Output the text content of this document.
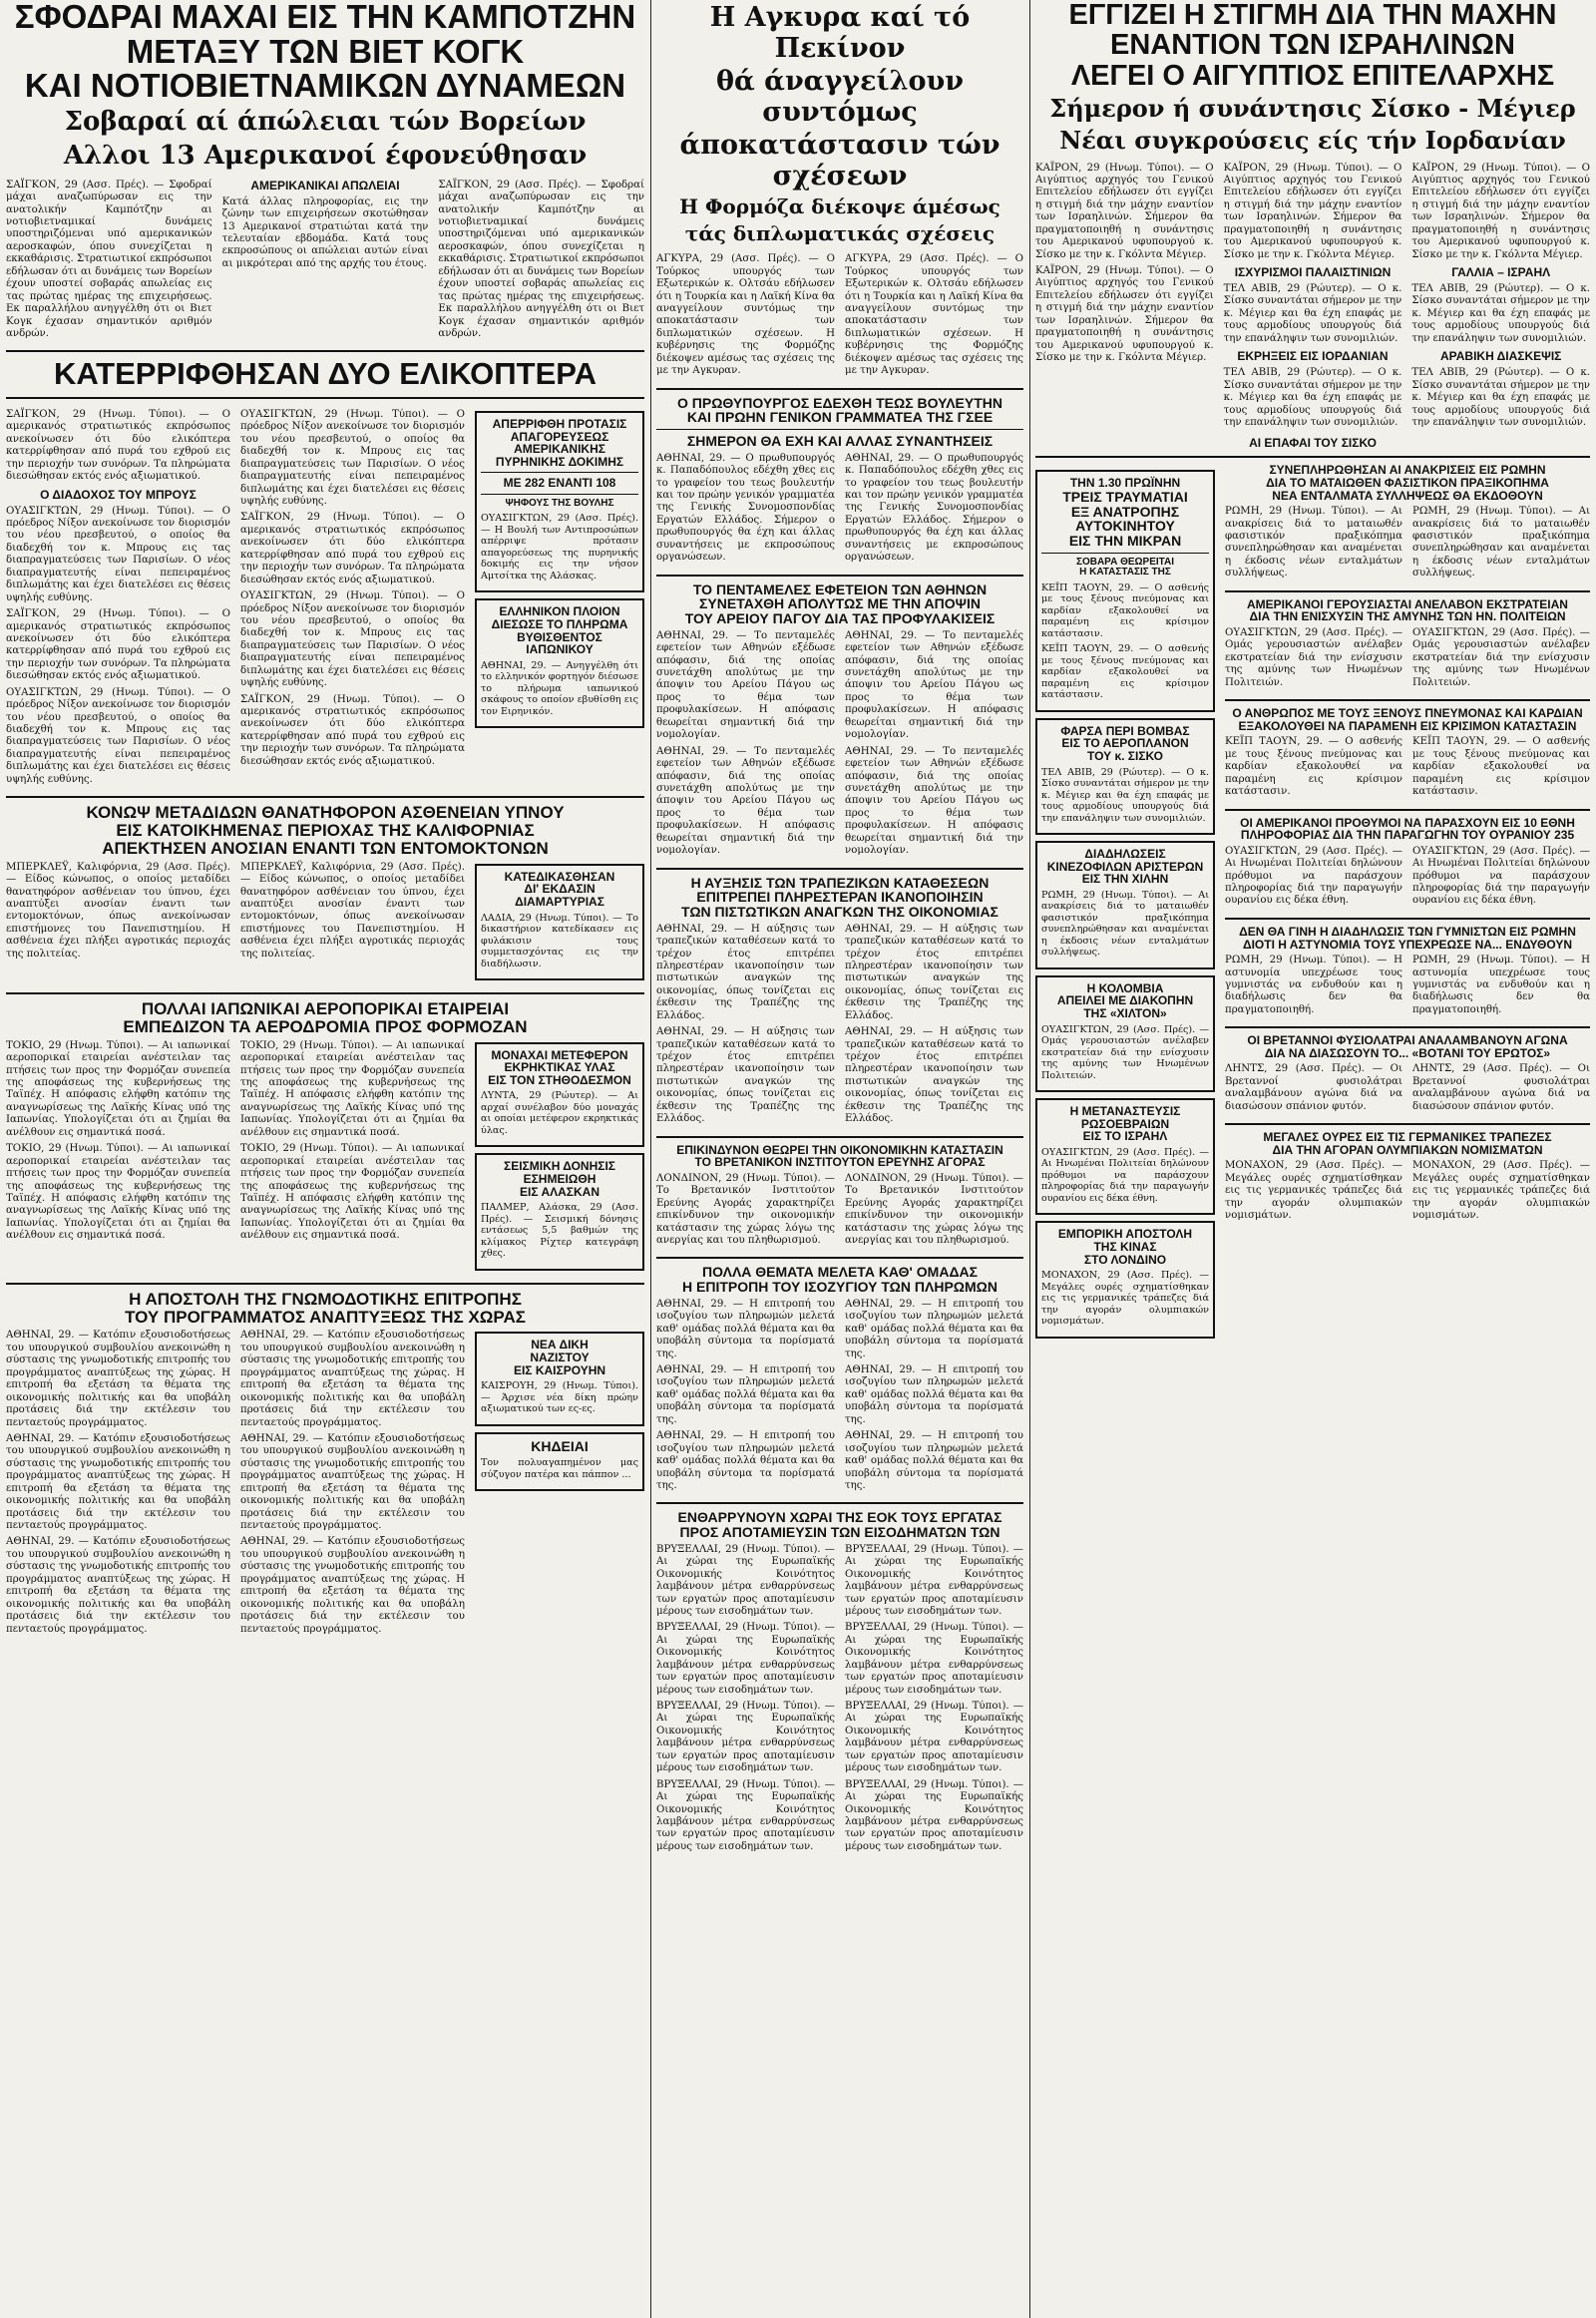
ΣΦΟΔΡΑΙ ΜΑΧΑΙ ΕΙΣ ΤΗΝ ΚΑΜΠΟΤΖΗΝ
ΜΕΤΑΞΥ ΤΩΝ ΒΙΕΤ ΚΟΓΚ
ΚΑΙ ΝΟΤΙΟΒΙΕΤΝΑΜΙΚΩΝ ΔΥΝΑΜΕΩΝ
Σοβαραί αί άπώλειαι τών Βορείων
Αλλοι 13 Αμερικανοί έφονεύθησαν
ΣΑΪΓΚΟΝ, 29 (Ασσ. Πρές). — Σφοδραί μάχαι αναζωπύρωσαν εις την ανατολικήν Καμπότζην αι νοτιοβιετναμικαί δυνάμεις υποστηριζόμεναι υπό αμερικανικών αεροσκαφών, όπου συνεχίζεται η εκκαθάρισις. Στρατιωτικοί εκπρόσωποι εδήλωσαν ότι αι δυνάμεις των Βορείων έχουν υποστεί σοβαράς απωλείας εις τας πρώτας ημέρας της επιχειρήσεως. Εκ παραλλήλου ανηγγέλθη ότι οι Βιετ Κογκ έχασαν σημαντικόν αριθμόν ανδρών.
ΑΜΕΡΙΚΑΝΙΚΑΙ ΑΠΩΛΕΙΑΙ
Κατά άλλας πληροφορίας, εις την ζώνην των επιχειρήσεων σκοτώθησαν 13 Αμερικανοί στρατιώται κατά την τελευταίαν εβδομάδα. Κατά τους εκπροσώπους οι απώλειαι αυτών είναι αι μικρότεραι από της αρχής του έτους.
ΣΑΪΓΚΟΝ, 29 (Ασσ. Πρές). — Σφοδραί μάχαι αναζωπύρωσαν εις την ανατολικήν Καμπότζην αι νοτιοβιετναμικαί δυνάμεις υποστηριζόμεναι υπό αμερικανικών αεροσκαφών, όπου συνεχίζεται η εκκαθάρισις. Στρατιωτικοί εκπρόσωποι εδήλωσαν ότι αι δυνάμεις των Βορείων έχουν υποστεί σοβαράς απωλείας εις τας πρώτας ημέρας της επιχειρήσεως. Εκ παραλλήλου ανηγγέλθη ότι οι Βιετ Κογκ έχασαν σημαντικόν αριθμόν ανδρών.
ΚΑΤΕΡΡΙΦΘΗΣΑΝ ΔΥΟ ΕΛΙΚΟΠΤΕΡΑ
ΣΑΪΓΚΟΝ, 29 (Ηνωμ. Τύποι). — Ο αμερικανός στρατιωτικός εκπρόσωπος ανεκοίνωσεν ότι δύο ελικόπτερα κατερρίφθησαν από πυρά του εχθρού εις την περιοχήν των συνόρων. Τα πληρώματα διεσώθησαν εκτός ενός αξιωματικού.
Ο ΔΙΑΔΟΧΟΣ ΤΟΥ ΜΠΡΟΥΣ
ΟΥΑΣΙΓΚΤΩΝ, 29 (Ηνωμ. Τύποι). — Ο πρόεδρος Νίξον ανεκοίνωσε τον διορισμόν του νέου πρεσβευτού, ο οποίος θα διαδεχθή τον κ. Μπρους εις τας διαπραγματεύσεις των Παρισίων. Ο νέος διαπραγματευτής είναι πεπειραμένος διπλωμάτης και έχει διατελέσει εις θέσεις υψηλής ευθύνης.
ΣΑΪΓΚΟΝ, 29 (Ηνωμ. Τύποι). — Ο αμερικανός στρατιωτικός εκπρόσωπος ανεκοίνωσεν ότι δύο ελικόπτερα κατερρίφθησαν από πυρά του εχθρού εις την περιοχήν των συνόρων. Τα πληρώματα διεσώθησαν εκτός ενός αξιωματικού.
ΟΥΑΣΙΓΚΤΩΝ, 29 (Ηνωμ. Τύποι). — Ο πρόεδρος Νίξον ανεκοίνωσε τον διορισμόν του νέου πρεσβευτού, ο οποίος θα διαδεχθή τον κ. Μπρους εις τας διαπραγματεύσεις των Παρισίων. Ο νέος διαπραγματευτής είναι πεπειραμένος διπλωμάτης και έχει διατελέσει εις θέσεις υψηλής ευθύνης.
ΟΥΑΣΙΓΚΤΩΝ, 29 (Ηνωμ. Τύποι). — Ο πρόεδρος Νίξον ανεκοίνωσε τον διορισμόν του νέου πρεσβευτού, ο οποίος θα διαδεχθή τον κ. Μπρους εις τας διαπραγματεύσεις των Παρισίων. Ο νέος διαπραγματευτής είναι πεπειραμένος διπλωμάτης και έχει διατελέσει εις θέσεις υψηλής ευθύνης.
ΣΑΪΓΚΟΝ, 29 (Ηνωμ. Τύποι). — Ο αμερικανός στρατιωτικός εκπρόσωπος ανεκοίνωσεν ότι δύο ελικόπτερα κατερρίφθησαν από πυρά του εχθρού εις την περιοχήν των συνόρων. Τα πληρώματα διεσώθησαν εκτός ενός αξιωματικού.
ΟΥΑΣΙΓΚΤΩΝ, 29 (Ηνωμ. Τύποι). — Ο πρόεδρος Νίξον ανεκοίνωσε τον διορισμόν του νέου πρεσβευτού, ο οποίος θα διαδεχθή τον κ. Μπρους εις τας διαπραγματεύσεις των Παρισίων. Ο νέος διαπραγματευτής είναι πεπειραμένος διπλωμάτης και έχει διατελέσει εις θέσεις υψηλής ευθύνης.
ΣΑΪΓΚΟΝ, 29 (Ηνωμ. Τύποι). — Ο αμερικανός στρατιωτικός εκπρόσωπος ανεκοίνωσεν ότι δύο ελικόπτερα κατερρίφθησαν από πυρά του εχθρού εις την περιοχήν των συνόρων. Τα πληρώματα διεσώθησαν εκτός ενός αξιωματικού.
ΑΠΕΡΡΙΦΘΗ ΠΡΟΤΑΣΙΣ
ΑΠΑΓΟΡΕΥΣΕΩΣ
ΑΜΕΡΙΚΑΝΙΚΗΣ
ΠΥΡΗΝΙΚΗΣ ΔΟΚΙΜΗΣ
ΜΕ 282 ΕΝΑΝΤΙ 108
ΨΗΦΟΥΣ ΤΗΣ ΒΟΥΛΗΣ
ΟΥΑΣΙΓΚΤΩΝ, 29 (Ασσ. Πρές). — Η Βουλή των Αντιπροσώπων απέρριψε πρότασιν απαγορεύσεως της πυρηνικής δοκιμής εις την νήσον Αμτσίτκα της Αλάσκας.
ΕΛΛΗΝΙΚΟΝ ΠΛΟΙΟΝ
ΔΙΕΣΩΣΕ ΤΟ ΠΛΗΡΩΜΑ
ΒΥΘΙΣΘΕΝΤΟΣ
ΙΑΠΩΝΙΚΟΥ
ΑΘΗΝΑΙ, 29. — Ανηγγέλθη ότι το ελληνικόν φορτηγόν διέσωσε το πλήρωμα ιαπωνικού σκάφους το οποίον εβυθίσθη εις τον Ειρηνικόν.
ΚΟΝΩΨ ΜΕΤΑΔΙΔΩΝ ΘΑΝΑΤΗΦΟΡΟΝ ΑΣΘΕΝΕΙΑΝ ΥΠΝΟΥ
ΕΙΣ ΚΑΤΟΙΚΗΜΕΝΑΣ ΠΕΡΙΟΧΑΣ ΤΗΣ ΚΑΛΙΦΟΡΝΙΑΣ
ΑΠΕΚΤΗΣΕΝ ΑΝΟΣΙΑΝ ΕΝΑΝΤΙ ΤΩΝ ΕΝΤΟΜΟΚΤΟΝΩΝ
ΜΠΕΡΚΛΕΫ, Καλιφόρνια, 29 (Ασσ. Πρές). — Είδος κώνωπος, ο οποίος μεταδίδει θανατηφόρον ασθένειαν του ύπνου, έχει αναπτύξει ανοσίαν έναντι των εντομοκτόνων, όπως ανεκοίνωσαν επιστήμονες του Πανεπιστημίου. Η ασθένεια έχει πλήξει αγροτικάς περιοχάς της πολιτείας.
ΜΠΕΡΚΛΕΫ, Καλιφόρνια, 29 (Ασσ. Πρές). — Είδος κώνωπος, ο οποίος μεταδίδει θανατηφόρον ασθένειαν του ύπνου, έχει αναπτύξει ανοσίαν έναντι των εντομοκτόνων, όπως ανεκοίνωσαν επιστήμονες του Πανεπιστημίου. Η ασθένεια έχει πλήξει αγροτικάς περιοχάς της πολιτείας.
ΚΑΤΕΔΙΚΑΣΘΗΣΑΝ
ΔΙ' ΕΚΔΑΣΙΝ
ΔΙΑΜΑΡΤΥΡΙΑΣ
ΛΑΔΙΑ, 29 (Ηνωμ. Τύποι). — Το δικαστήριον κατεδίκασεν εις φυλάκισιν τους συμμετασχόντας εις την διαδήλωσιν.
ΠΟΛΛΑΙ ΙΑΠΩΝΙΚΑΙ ΑΕΡΟΠΟΡΙΚΑΙ ΕΤΑΙΡΕΙΑΙ
ΕΜΠΕΔΙΖΟΝ ΤΑ ΑΕΡΟΔΡΟΜΙΑ ΠΡΟΣ ΦΟΡΜΟΖΑΝ
ΤΟΚΙΟ, 29 (Ηνωμ. Τύποι). — Αι ιαπωνικαί αεροπορικαί εταιρείαι ανέστειλαν τας πτήσεις των προς την Φορμόζαν συνεπεία της αποφάσεως της κυβερνήσεως της Ταϊπέχ. Η απόφασις ελήφθη κατόπιν της αναγνωρίσεως της Λαϊκής Κίνας υπό της Ιαπωνίας. Υπολογίζεται ότι αι ζημίαι θα ανέλθουν εις σημαντικά ποσά.
ΤΟΚΙΟ, 29 (Ηνωμ. Τύποι). — Αι ιαπωνικαί αεροπορικαί εταιρείαι ανέστειλαν τας πτήσεις των προς την Φορμόζαν συνεπεία της αποφάσεως της κυβερνήσεως της Ταϊπέχ. Η απόφασις ελήφθη κατόπιν της αναγνωρίσεως της Λαϊκής Κίνας υπό της Ιαπωνίας. Υπολογίζεται ότι αι ζημίαι θα ανέλθουν εις σημαντικά ποσά.
ΤΟΚΙΟ, 29 (Ηνωμ. Τύποι). — Αι ιαπωνικαί αεροπορικαί εταιρείαι ανέστειλαν τας πτήσεις των προς την Φορμόζαν συνεπεία της αποφάσεως της κυβερνήσεως της Ταϊπέχ. Η απόφασις ελήφθη κατόπιν της αναγνωρίσεως της Λαϊκής Κίνας υπό της Ιαπωνίας. Υπολογίζεται ότι αι ζημίαι θα ανέλθουν εις σημαντικά ποσά.
ΤΟΚΙΟ, 29 (Ηνωμ. Τύποι). — Αι ιαπωνικαί αεροπορικαί εταιρείαι ανέστειλαν τας πτήσεις των προς την Φορμόζαν συνεπεία της αποφάσεως της κυβερνήσεως της Ταϊπέχ. Η απόφασις ελήφθη κατόπιν της αναγνωρίσεως της Λαϊκής Κίνας υπό της Ιαπωνίας. Υπολογίζεται ότι αι ζημίαι θα ανέλθουν εις σημαντικά ποσά.
ΜΟΝΑΧΑΙ ΜΕΤΕΦΕΡΟΝ
ΕΚΡΗΚΤΙΚΑΣ ΥΛΑΣ
ΕΙΣ ΤΟΝ ΣΤΗΘΟΔΕΣΜΟΝ
ΛΥΝΤΑ, 29 (Ρώυτερ). — Αι αρχαί συνέλαβον δύο μοναχάς αι οποίαι μετέφερον εκρηκτικάς ύλας.
ΣΕΙΣΜΙΚΗ ΔΟΝΗΣΙΣ
ΕΣΗΜΕΙΩΘΗ
ΕΙΣ ΑΛΑΣΚΑΝ
ΠΑΛΜΕΡ, Αλάσκα, 29 (Ασσ. Πρές). — Σεισμική δόνησις εντάσεως 5,5 βαθμών της κλίμακος Ρίχτερ κατεγράφη χθες.
Η ΑΠΟΣΤΟΛΗ ΤΗΣ ΓΝΩΜΟΔΟΤΙΚΗΣ ΕΠΙΤΡΟΠΗΣ
ΤΟΥ ΠΡΟΓΡΑΜΜΑΤΟΣ ΑΝΑΠΤΥΞΕΩΣ ΤΗΣ ΧΩΡΑΣ
ΑΘΗΝΑΙ, 29. — Κατόπιν εξουσιοδοτήσεως του υπουργικού συμβουλίου ανεκοινώθη η σύστασις της γνωμοδοτικής επιτροπής του προγράμματος αναπτύξεως της χώρας. Η επιτροπή θα εξετάση τα θέματα της οικονομικής πολιτικής και θα υποβάλη προτάσεις διά την εκτέλεσιν του πενταετούς προγράμματος.
ΑΘΗΝΑΙ, 29. — Κατόπιν εξουσιοδοτήσεως του υπουργικού συμβουλίου ανεκοινώθη η σύστασις της γνωμοδοτικής επιτροπής του προγράμματος αναπτύξεως της χώρας. Η επιτροπή θα εξετάση τα θέματα της οικονομικής πολιτικής και θα υποβάλη προτάσεις διά την εκτέλεσιν του πενταετούς προγράμματος.
ΑΘΗΝΑΙ, 29. — Κατόπιν εξουσιοδοτήσεως του υπουργικού συμβουλίου ανεκοινώθη η σύστασις της γνωμοδοτικής επιτροπής του προγράμματος αναπτύξεως της χώρας. Η επιτροπή θα εξετάση τα θέματα της οικονομικής πολιτικής και θα υποβάλη προτάσεις διά την εκτέλεσιν του πενταετούς προγράμματος.
ΑΘΗΝΑΙ, 29. — Κατόπιν εξουσιοδοτήσεως του υπουργικού συμβουλίου ανεκοινώθη η σύστασις της γνωμοδοτικής επιτροπής του προγράμματος αναπτύξεως της χώρας. Η επιτροπή θα εξετάση τα θέματα της οικονομικής πολιτικής και θα υποβάλη προτάσεις διά την εκτέλεσιν του πενταετούς προγράμματος.
ΑΘΗΝΑΙ, 29. — Κατόπιν εξουσιοδοτήσεως του υπουργικού συμβουλίου ανεκοινώθη η σύστασις της γνωμοδοτικής επιτροπής του προγράμματος αναπτύξεως της χώρας. Η επιτροπή θα εξετάση τα θέματα της οικονομικής πολιτικής και θα υποβάλη προτάσεις διά την εκτέλεσιν του πενταετούς προγράμματος.
ΑΘΗΝΑΙ, 29. — Κατόπιν εξουσιοδοτήσεως του υπουργικού συμβουλίου ανεκοινώθη η σύστασις της γνωμοδοτικής επιτροπής του προγράμματος αναπτύξεως της χώρας. Η επιτροπή θα εξετάση τα θέματα της οικονομικής πολιτικής και θα υποβάλη προτάσεις διά την εκτέλεσιν του πενταετούς προγράμματος.
ΝΕΑ ΔΙΚΗ
ΝΑΖΙΣΤΟΥ
ΕΙΣ ΚΑΙΣΡΟΥΗΝ
ΚΑΙΣΡΟΥΗ, 29 (Ηνωμ. Τύποι). — Άρχισε νέα δίκη πρώην αξιωματικού των ες-ες.
ΚΗΔΕΙΑΙ
Τον πολυαγαπημένον μας σύζυγον πατέρα και πάππον ...
Η Αγκυρα καί τό Πεκίνον
θά άναγγείλουν συντόμως
άποκατάστασιν τών σχέσεων
Η Φορμόζα διέκοψε άμέσως
τάς διπλωματικάς σχέσεις
ΑΓΚΥΡΑ, 29 (Ασσ. Πρές). — Ο Τούρκος υπουργός των Εξωτερικών κ. Ολτσάυ εδήλωσεν ότι η Τουρκία και η Λαϊκή Κίνα θα αναγγείλουν συντόμως την αποκατάστασιν των διπλωματικών σχέσεων. Η κυβέρνησις της Φορμόζης διέκοψεν αμέσως τας σχέσεις της με την Αγκυραν.
ΑΓΚΥΡΑ, 29 (Ασσ. Πρές). — Ο Τούρκος υπουργός των Εξωτερικών κ. Ολτσάυ εδήλωσεν ότι η Τουρκία και η Λαϊκή Κίνα θα αναγγείλουν συντόμως την αποκατάστασιν των διπλωματικών σχέσεων. Η κυβέρνησις της Φορμόζης διέκοψεν αμέσως τας σχέσεις της με την Αγκυραν.
Ο ΠΡΩΘΥΠΟΥΡΓΟΣ ΕΔΕΧΘΗ ΤΕΩΣ ΒΟΥΛΕΥΤΗΝ
ΚΑΙ ΠΡΩΗΝ ΓΕΝΙΚΟΝ ΓΡΑΜΜΑΤΕΑ ΤΗΣ ΓΣΕΕ
ΣΗΜΕΡΟΝ ΘΑ ΕΧΗ ΚΑΙ ΑΛΛΑΣ ΣΥΝΑΝΤΗΣΕΙΣ
ΑΘΗΝΑΙ, 29. — Ο πρωθυπουργός κ. Παπαδόπουλος εδέχθη χθες εις το γραφείον του τεως βουλευτήν και τον πρώην γενικόν γραμματέα της Γενικής Συνομοσπονδίας Εργατών Ελλάδος. Σήμερον ο πρωθυπουργός θα έχη και άλλας συναντήσεις με εκπροσώπους οργανώσεων.
ΑΘΗΝΑΙ, 29. — Ο πρωθυπουργός κ. Παπαδόπουλος εδέχθη χθες εις το γραφείον του τεως βουλευτήν και τον πρώην γενικόν γραμματέα της Γενικής Συνομοσπονδίας Εργατών Ελλάδος. Σήμερον ο πρωθυπουργός θα έχη και άλλας συναντήσεις με εκπροσώπους οργανώσεων.
ΤΟ ΠΕΝΤΑΜΕΛΕΣ ΕΦΕΤΕΙΟΝ ΤΩΝ ΑΘΗΝΩΝ
ΣΥΝΕΤΑΧΘΗ ΑΠΟΛΥΤΩΣ ΜΕ ΤΗΝ ΑΠΟΨΙΝ
ΤΟΥ ΑΡΕΙΟΥ ΠΑΓΟΥ ΔΙΑ ΤΑΣ ΠΡΟΦΥΛΑΚΙΣΕΙΣ
ΑΘΗΝΑΙ, 29. — Το πενταμελές εφετείον των Αθηνών εξέδωσε απόφασιν, διά της οποίας συνετάχθη απολύτως με την άποψιν του Αρείου Πάγου ως προς το θέμα των προφυλακίσεων. Η απόφασις θεωρείται σημαντική διά την νομολογίαν.
ΑΘΗΝΑΙ, 29. — Το πενταμελές εφετείον των Αθηνών εξέδωσε απόφασιν, διά της οποίας συνετάχθη απολύτως με την άποψιν του Αρείου Πάγου ως προς το θέμα των προφυλακίσεων. Η απόφασις θεωρείται σημαντική διά την νομολογίαν.
ΑΘΗΝΑΙ, 29. — Το πενταμελές εφετείον των Αθηνών εξέδωσε απόφασιν, διά της οποίας συνετάχθη απολύτως με την άποψιν του Αρείου Πάγου ως προς το θέμα των προφυλακίσεων. Η απόφασις θεωρείται σημαντική διά την νομολογίαν.
ΑΘΗΝΑΙ, 29. — Το πενταμελές εφετείον των Αθηνών εξέδωσε απόφασιν, διά της οποίας συνετάχθη απολύτως με την άποψιν του Αρείου Πάγου ως προς το θέμα των προφυλακίσεων. Η απόφασις θεωρείται σημαντική διά την νομολογίαν.
Η ΑΥΞΗΣΙΣ ΤΩΝ ΤΡΑΠΕΖΙΚΩΝ ΚΑΤΑΘΕΣΕΩΝ
ΕΠΙΤΡΕΠΕΙ ΠΛΗΡΕΣΤΕΡΑΝ ΙΚΑΝΟΠΟΙΗΣΙΝ
ΤΩΝ ΠΙΣΤΩΤΙΚΩΝ ΑΝΑΓΚΩΝ ΤΗΣ ΟΙΚΟΝΟΜΙΑΣ
ΑΘΗΝΑΙ, 29. — Η αύξησις των τραπεζικών καταθέσεων κατά το τρέχον έτος επιτρέπει πληρεστέραν ικανοποίησιν των πιστωτικών αναγκών της οικονομίας, όπως τονίζεται εις έκθεσιν της Τραπέζης της Ελλάδος.
ΑΘΗΝΑΙ, 29. — Η αύξησις των τραπεζικών καταθέσεων κατά το τρέχον έτος επιτρέπει πληρεστέραν ικανοποίησιν των πιστωτικών αναγκών της οικονομίας, όπως τονίζεται εις έκθεσιν της Τραπέζης της Ελλάδος.
ΑΘΗΝΑΙ, 29. — Η αύξησις των τραπεζικών καταθέσεων κατά το τρέχον έτος επιτρέπει πληρεστέραν ικανοποίησιν των πιστωτικών αναγκών της οικονομίας, όπως τονίζεται εις έκθεσιν της Τραπέζης της Ελλάδος.
ΑΘΗΝΑΙ, 29. — Η αύξησις των τραπεζικών καταθέσεων κατά το τρέχον έτος επιτρέπει πληρεστέραν ικανοποίησιν των πιστωτικών αναγκών της οικονομίας, όπως τονίζεται εις έκθεσιν της Τραπέζης της Ελλάδος.
ΕΠΙΚΙΝΔΥΝΟΝ ΘΕΩΡΕΙ ΤΗΝ ΟΙΚΟΝΟΜΙΚΗΝ ΚΑΤΑΣΤΑΣΙΝ
ΤΟ ΒΡΕΤΑΝΙΚΟΝ ΙΝΣΤΙΤΟΥΤΟΝ ΕΡΕΥΝΗΣ ΑΓΟΡΑΣ
ΛΟΝΔΙΝΟΝ, 29 (Ηνωμ. Τύποι). — Το Βρετανικόν Ινστιτούτον Ερεύνης Αγοράς χαρακτηρίζει επικίνδυνον την οικονομικήν κατάστασιν της χώρας λόγω της ανεργίας και του πληθωρισμού.
ΛΟΝΔΙΝΟΝ, 29 (Ηνωμ. Τύποι). — Το Βρετανικόν Ινστιτούτον Ερεύνης Αγοράς χαρακτηρίζει επικίνδυνον την οικονομικήν κατάστασιν της χώρας λόγω της ανεργίας και του πληθωρισμού.
ΠΟΛΛΑ ΘΕΜΑΤΑ ΜΕΛΕΤΑ ΚΑΘ' ΟΜΑΔΑΣ
Η ΕΠΙΤΡΟΠΗ ΤΟΥ ΙΣΟΖΥΓΙΟΥ ΤΩΝ ΠΛΗΡΩΜΩΝ
ΑΘΗΝΑΙ, 29. — Η επιτροπή του ισοζυγίου των πληρωμών μελετά καθ' ομάδας πολλά θέματα και θα υποβάλη σύντομα τα πορίσματά της.
ΑΘΗΝΑΙ, 29. — Η επιτροπή του ισοζυγίου των πληρωμών μελετά καθ' ομάδας πολλά θέματα και θα υποβάλη σύντομα τα πορίσματά της.
ΑΘΗΝΑΙ, 29. — Η επιτροπή του ισοζυγίου των πληρωμών μελετά καθ' ομάδας πολλά θέματα και θα υποβάλη σύντομα τα πορίσματά της.
ΑΘΗΝΑΙ, 29. — Η επιτροπή του ισοζυγίου των πληρωμών μελετά καθ' ομάδας πολλά θέματα και θα υποβάλη σύντομα τα πορίσματά της.
ΑΘΗΝΑΙ, 29. — Η επιτροπή του ισοζυγίου των πληρωμών μελετά καθ' ομάδας πολλά θέματα και θα υποβάλη σύντομα τα πορίσματά της.
ΑΘΗΝΑΙ, 29. — Η επιτροπή του ισοζυγίου των πληρωμών μελετά καθ' ομάδας πολλά θέματα και θα υποβάλη σύντομα τα πορίσματά της.
ΕΝΘΑΡΡΥΝΟΥΝ ΧΩΡΑΙ ΤΗΣ ΕΟΚ ΤΟΥΣ ΕΡΓΑΤΑΣ
ΠΡΟΣ ΑΠΟΤΑΜΙΕΥΣΙΝ ΤΩΝ ΕΙΣΟΔΗΜΑΤΩΝ ΤΩΝ
ΒΡΥΞΕΛΛΑΙ, 29 (Ηνωμ. Τύποι). — Αι χώραι της Ευρωπαϊκής Οικονομικής Κοινότητος λαμβάνουν μέτρα ενθαρρύνσεως των εργατών προς αποταμίευσιν μέρους των εισοδημάτων των.
ΒΡΥΞΕΛΛΑΙ, 29 (Ηνωμ. Τύποι). — Αι χώραι της Ευρωπαϊκής Οικονομικής Κοινότητος λαμβάνουν μέτρα ενθαρρύνσεως των εργατών προς αποταμίευσιν μέρους των εισοδημάτων των.
ΒΡΥΞΕΛΛΑΙ, 29 (Ηνωμ. Τύποι). — Αι χώραι της Ευρωπαϊκής Οικονομικής Κοινότητος λαμβάνουν μέτρα ενθαρρύνσεως των εργατών προς αποταμίευσιν μέρους των εισοδημάτων των.
ΒΡΥΞΕΛΛΑΙ, 29 (Ηνωμ. Τύποι). — Αι χώραι της Ευρωπαϊκής Οικονομικής Κοινότητος λαμβάνουν μέτρα ενθαρρύνσεως των εργατών προς αποταμίευσιν μέρους των εισοδημάτων των.
ΒΡΥΞΕΛΛΑΙ, 29 (Ηνωμ. Τύποι). — Αι χώραι της Ευρωπαϊκής Οικονομικής Κοινότητος λαμβάνουν μέτρα ενθαρρύνσεως των εργατών προς αποταμίευσιν μέρους των εισοδημάτων των.
ΒΡΥΞΕΛΛΑΙ, 29 (Ηνωμ. Τύποι). — Αι χώραι της Ευρωπαϊκής Οικονομικής Κοινότητος λαμβάνουν μέτρα ενθαρρύνσεως των εργατών προς αποταμίευσιν μέρους των εισοδημάτων των.
ΒΡΥΞΕΛΛΑΙ, 29 (Ηνωμ. Τύποι). — Αι χώραι της Ευρωπαϊκής Οικονομικής Κοινότητος λαμβάνουν μέτρα ενθαρρύνσεως των εργατών προς αποταμίευσιν μέρους των εισοδημάτων των.
ΒΡΥΞΕΛΛΑΙ, 29 (Ηνωμ. Τύποι). — Αι χώραι της Ευρωπαϊκής Οικονομικής Κοινότητος λαμβάνουν μέτρα ενθαρρύνσεως των εργατών προς αποταμίευσιν μέρους των εισοδημάτων των.
ΕΓΓΙΖΕΙ Η ΣΤΙΓΜΗ ΔΙΑ ΤΗΝ ΜΑΧΗΝ
ΕΝΑΝΤΙΟΝ ΤΩΝ ΙΣΡΑΗΛΙΝΩΝ
ΛΕΓΕΙ Ο ΑΙΓΥΠΤΙΟΣ ΕΠΙΤΕΛΑΡΧΗΣ
Σήμερον ή συνάντησις Σίσκο - Μέγιερ
Νέαι συγκρούσεις είς τήν Ιορδανίαν
ΚΑΪΡΟΝ, 29 (Ηνωμ. Τύποι). — Ο Αιγύπτιος αρχηγός του Γενικού Επιτελείου εδήλωσεν ότι εγγίζει η στιγμή διά την μάχην εναντίον των Ισραηλινών. Σήμερον θα πραγματοποιηθή η συνάντησις του Αμερικανού υφυπουργού κ. Σίσκο με την κ. Γκόλντα Μέγιερ.
ΚΑΪΡΟΝ, 29 (Ηνωμ. Τύποι). — Ο Αιγύπτιος αρχηγός του Γενικού Επιτελείου εδήλωσεν ότι εγγίζει η στιγμή διά την μάχην εναντίον των Ισραηλινών. Σήμερον θα πραγματοποιηθή η συνάντησις του Αμερικανού υφυπουργού κ. Σίσκο με την κ. Γκόλντα Μέγιερ.
ΚΑΪΡΟΝ, 29 (Ηνωμ. Τύποι). — Ο Αιγύπτιος αρχηγός του Γενικού Επιτελείου εδήλωσεν ότι εγγίζει η στιγμή διά την μάχην εναντίον των Ισραηλινών. Σήμερον θα πραγματοποιηθή η συνάντησις του Αμερικανού υφυπουργού κ. Σίσκο με την κ. Γκόλντα Μέγιερ.
ΙΣΧΥΡΙΣΜΟΙ ΠΑΛΑΙΣΤΙΝΙΩΝ
ΤΕΛ ΑΒΙΒ, 29 (Ρώυτερ). — Ο κ. Σίσκο συναντάται σήμερον με την κ. Μέγιερ και θα έχη επαφάς με τους αρμοδίους υπουργούς διά την επανάληψιν των συνομιλιών.
ΕΚΡΗΞΕΙΣ ΕΙΣ ΙΟΡΔΑΝΙΑΝ
ΤΕΛ ΑΒΙΒ, 29 (Ρώυτερ). — Ο κ. Σίσκο συναντάται σήμερον με την κ. Μέγιερ και θα έχη επαφάς με τους αρμοδίους υπουργούς διά την επανάληψιν των συνομιλιών.
ΚΑΪΡΟΝ, 29 (Ηνωμ. Τύποι). — Ο Αιγύπτιος αρχηγός του Γενικού Επιτελείου εδήλωσεν ότι εγγίζει η στιγμή διά την μάχην εναντίον των Ισραηλινών. Σήμερον θα πραγματοποιηθή η συνάντησις του Αμερικανού υφυπουργού κ. Σίσκο με την κ. Γκόλντα Μέγιερ.
ΓΑΛΛΙΑ – ΙΣΡΑΗΛ
ΤΕΛ ΑΒΙΒ, 29 (Ρώυτερ). — Ο κ. Σίσκο συναντάται σήμερον με την κ. Μέγιερ και θα έχη επαφάς με τους αρμοδίους υπουργούς διά την επανάληψιν των συνομιλιών.
ΑΡΑΒΙΚΗ ΔΙΑΣΚΕΨΙΣ
ΤΕΛ ΑΒΙΒ, 29 (Ρώυτερ). — Ο κ. Σίσκο συναντάται σήμερον με την κ. Μέγιερ και θα έχη επαφάς με τους αρμοδίους υπουργούς διά την επανάληψιν των συνομιλιών.
ΑΙ ΕΠΑΦΑΙ ΤΟΥ ΣΙΣΚΟ
ΤΗΝ 1.30 ΠΡΩΪΝΗΝ
ΤΡΕΙΣ ΤΡΑΥΜΑΤΙΑΙ
ΕΞ ΑΝΑΤΡΟΠΗΣ
ΑΥΤΟΚΙΝΗΤΟΥ
ΕΙΣ ΤΗΝ ΜΙΚΡΑΝ
ΣΟΒΑΡΑ ΘΕΩΡΕΙΤΑΙ
Η ΚΑΤΑΣΤΑΣΙΣ ΤΗΣ
ΚΕΪΠ ΤΑΟΥΝ, 29. — Ο ασθενής με τους ξένους πνεύμονας και καρδίαν εξακολουθεί να παραμένη εις κρίσιμον κατάστασιν.
ΚΕΪΠ ΤΑΟΥΝ, 29. — Ο ασθενής με τους ξένους πνεύμονας και καρδίαν εξακολουθεί να παραμένη εις κρίσιμον κατάστασιν.
ΦΑΡΣΑ ΠΕΡΙ ΒΟΜΒΑΣ
ΕΙΣ ΤΟ ΑΕΡΟΠΛΑΝΟΝ
ΤΟΥ κ. ΣΙΣΚΟ
ΤΕΛ ΑΒΙΒ, 29 (Ρώυτερ). — Ο κ. Σίσκο συναντάται σήμερον με την κ. Μέγιερ και θα έχη επαφάς με τους αρμοδίους υπουργούς διά την επανάληψιν των συνομιλιών.
ΔΙΑΔΗΛΩΣΕΙΣ
ΚΙΝΕΖΟΦΙΛΩΝ ΑΡΙΣΤΕΡΩΝ
ΕΙΣ ΤΗΝ ΧΙΛΗΝ
ΡΩΜΗ, 29 (Ηνωμ. Τύποι). — Αι ανακρίσεις διά το ματαιωθέν φασιστικόν πραξικόπημα συνεπληρώθησαν και αναμένεται η έκδοσις νέων ενταλμάτων συλλήψεως.
Η ΚΟΛΟΜΒΙΑ
ΑΠΕΙΛΕΙ ΜΕ ΔΙΑΚΟΠΗΝ
ΤΗΣ «ΧΙΛΤΟΝ»
ΟΥΑΣΙΓΚΤΩΝ, 29 (Ασσ. Πρές). — Ομάς γερουσιαστών ανέλαβεν εκστρατείαν διά την ενίσχυσιν της αμύνης των Ηνωμένων Πολιτειών.
Η ΜΕΤΑΝΑΣΤΕΥΣΙΣ
ΡΩΣΟΕΒΡΑΙΩΝ
ΕΙΣ ΤΟ ΙΣΡΑΗΛ
ΟΥΑΣΙΓΚΤΩΝ, 29 (Ασσ. Πρές). — Αι Ηνωμέναι Πολιτείαι δηλώνουν πρόθυμοι να παράσχουν πληροφορίας διά την παραγωγήν ουρανίου εις δέκα έθνη.
ΕΜΠΟΡΙΚΗ ΑΠΟΣΤΟΛΗ
ΤΗΣ ΚΙΝΑΣ
ΣΤΟ ΛΟΝΔΙΝΟ
ΜΟΝΑΧΟΝ, 29 (Ασσ. Πρές). — Μεγάλες ουρές σχηματίσθηκαν εις τις γερμανικές τράπεζες διά την αγοράν ολυμπιακών νομισμάτων.
ΣΥΝΕΠΛΗΡΩΘΗΣΑΝ ΑΙ ΑΝΑΚΡΙΣΕΙΣ ΕΙΣ ΡΩΜΗΝ
ΔΙΑ ΤΟ ΜΑΤΑΙΩΘΕΝ ΦΑΣΙΣΤΙΚΟΝ ΠΡΑΞΙΚΟΠΗΜΑ
ΝΕΑ ΕΝΤΑΛΜΑΤΑ ΣΥΛΛΗΨΕΩΣ ΘΑ ΕΚΔΟΘΟΥΝ
ΡΩΜΗ, 29 (Ηνωμ. Τύποι). — Αι ανακρίσεις διά το ματαιωθέν φασιστικόν πραξικόπημα συνεπληρώθησαν και αναμένεται η έκδοσις νέων ενταλμάτων συλλήψεως.
ΡΩΜΗ, 29 (Ηνωμ. Τύποι). — Αι ανακρίσεις διά το ματαιωθέν φασιστικόν πραξικόπημα συνεπληρώθησαν και αναμένεται η έκδοσις νέων ενταλμάτων συλλήψεως.
ΑΜΕΡΙΚΑΝΟΙ ΓΕΡΟΥΣΙΑΣΤΑΙ ΑΝΕΛΑΒΟΝ ΕΚΣΤΡΑΤΕΙΑΝ
ΔΙΑ ΤΗΝ ΕΝΙΣΧΥΣΙΝ ΤΗΣ ΑΜΥΝΗΣ ΤΩΝ ΗΝ. ΠΟΛΙΤΕΙΩΝ
ΟΥΑΣΙΓΚΤΩΝ, 29 (Ασσ. Πρές). — Ομάς γερουσιαστών ανέλαβεν εκστρατείαν διά την ενίσχυσιν της αμύνης των Ηνωμένων Πολιτειών.
ΟΥΑΣΙΓΚΤΩΝ, 29 (Ασσ. Πρές). — Ομάς γερουσιαστών ανέλαβεν εκστρατείαν διά την ενίσχυσιν της αμύνης των Ηνωμένων Πολιτειών.
Ο ΑΝΘΡΩΠΟΣ ΜΕ ΤΟΥΣ ΞΕΝΟΥΣ ΠΝΕΥΜΟΝΑΣ ΚΑΙ ΚΑΡΔΙΑΝ
ΕΞΑΚΟΛΟΥΘΕΙ ΝΑ ΠΑΡΑΜΕΝΗ ΕΙΣ ΚΡΙΣΙΜΟΝ ΚΑΤΑΣΤΑΣΙΝ
ΚΕΪΠ ΤΑΟΥΝ, 29. — Ο ασθενής με τους ξένους πνεύμονας και καρδίαν εξακολουθεί να παραμένη εις κρίσιμον κατάστασιν.
ΚΕΪΠ ΤΑΟΥΝ, 29. — Ο ασθενής με τους ξένους πνεύμονας και καρδίαν εξακολουθεί να παραμένη εις κρίσιμον κατάστασιν.
ΟΙ ΑΜΕΡΙΚΑΝΟΙ ΠΡΟΘΥΜΟΙ ΝΑ ΠΑΡΑΣΧΟΥΝ ΕΙΣ 10 ΕΘΝΗ
ΠΛΗΡΟΦΟΡΙΑΣ ΔΙΑ ΤΗΝ ΠΑΡΑΓΩΓΗΝ ΤΟΥ ΟΥΡΑΝΙΟΥ 235
ΟΥΑΣΙΓΚΤΩΝ, 29 (Ασσ. Πρές). — Αι Ηνωμέναι Πολιτείαι δηλώνουν πρόθυμοι να παράσχουν πληροφορίας διά την παραγωγήν ουρανίου εις δέκα έθνη.
ΟΥΑΣΙΓΚΤΩΝ, 29 (Ασσ. Πρές). — Αι Ηνωμέναι Πολιτείαι δηλώνουν πρόθυμοι να παράσχουν πληροφορίας διά την παραγωγήν ουρανίου εις δέκα έθνη.
ΔΕΝ ΘΑ ΓΙΝΗ Η ΔΙΑΔΗΛΩΣΙΣ ΤΩΝ ΓΥΜΝΙΣΤΩΝ ΕΙΣ ΡΩΜΗΝ
ΔΙΟΤΙ Η ΑΣΤΥΝΟΜΙΑ ΤΟΥΣ ΥΠΕΧΡΕΩΣΕ ΝΑ... ΕΝΔΥΘΟΥΝ
ΡΩΜΗ, 29 (Ηνωμ. Τύποι). — Η αστυνομία υπεχρέωσε τους γυμνιστάς να ενδυθούν και η διαδήλωσις δεν θα πραγματοποιηθή.
ΡΩΜΗ, 29 (Ηνωμ. Τύποι). — Η αστυνομία υπεχρέωσε τους γυμνιστάς να ενδυθούν και η διαδήλωσις δεν θα πραγματοποιηθή.
ΟΙ ΒΡΕΤΑΝΝΟΙ ΦΥΣΙΟΛΑΤΡΑΙ ΑΝΑΛΑΜΒΑΝΟΥΝ ΑΓΩΝΑ
ΔΙΑ ΝΑ ΔΙΑΣΩΣΟΥΝ ΤΟ... «ΒΟΤΑΝΙ ΤΟΥ ΕΡΩΤΟΣ»
ΛΗΝΤΣ, 29 (Ασσ. Πρές). — Οι Βρεταννοί φυσιολάτραι αναλαμβάνουν αγώνα διά να διασώσουν σπάνιον φυτόν.
ΛΗΝΤΣ, 29 (Ασσ. Πρές). — Οι Βρεταννοί φυσιολάτραι αναλαμβάνουν αγώνα διά να διασώσουν σπάνιον φυτόν.
ΜΕΓΑΛΕΣ ΟΥΡΕΣ ΕΙΣ ΤΙΣ ΓΕΡΜΑΝΙΚΕΣ ΤΡΑΠΕΖΕΣ
ΔΙΑ ΤΗΝ ΑΓΟΡΑΝ ΟΛΥΜΠΙΑΚΩΝ ΝΟΜΙΣΜΑΤΩΝ
ΜΟΝΑΧΟΝ, 29 (Ασσ. Πρές). — Μεγάλες ουρές σχηματίσθηκαν εις τις γερμανικές τράπεζες διά την αγοράν ολυμπιακών νομισμάτων.
ΜΟΝΑΧΟΝ, 29 (Ασσ. Πρές). — Μεγάλες ουρές σχηματίσθηκαν εις τις γερμανικές τράπεζες διά την αγοράν ολυμπιακών νομισμάτων.
